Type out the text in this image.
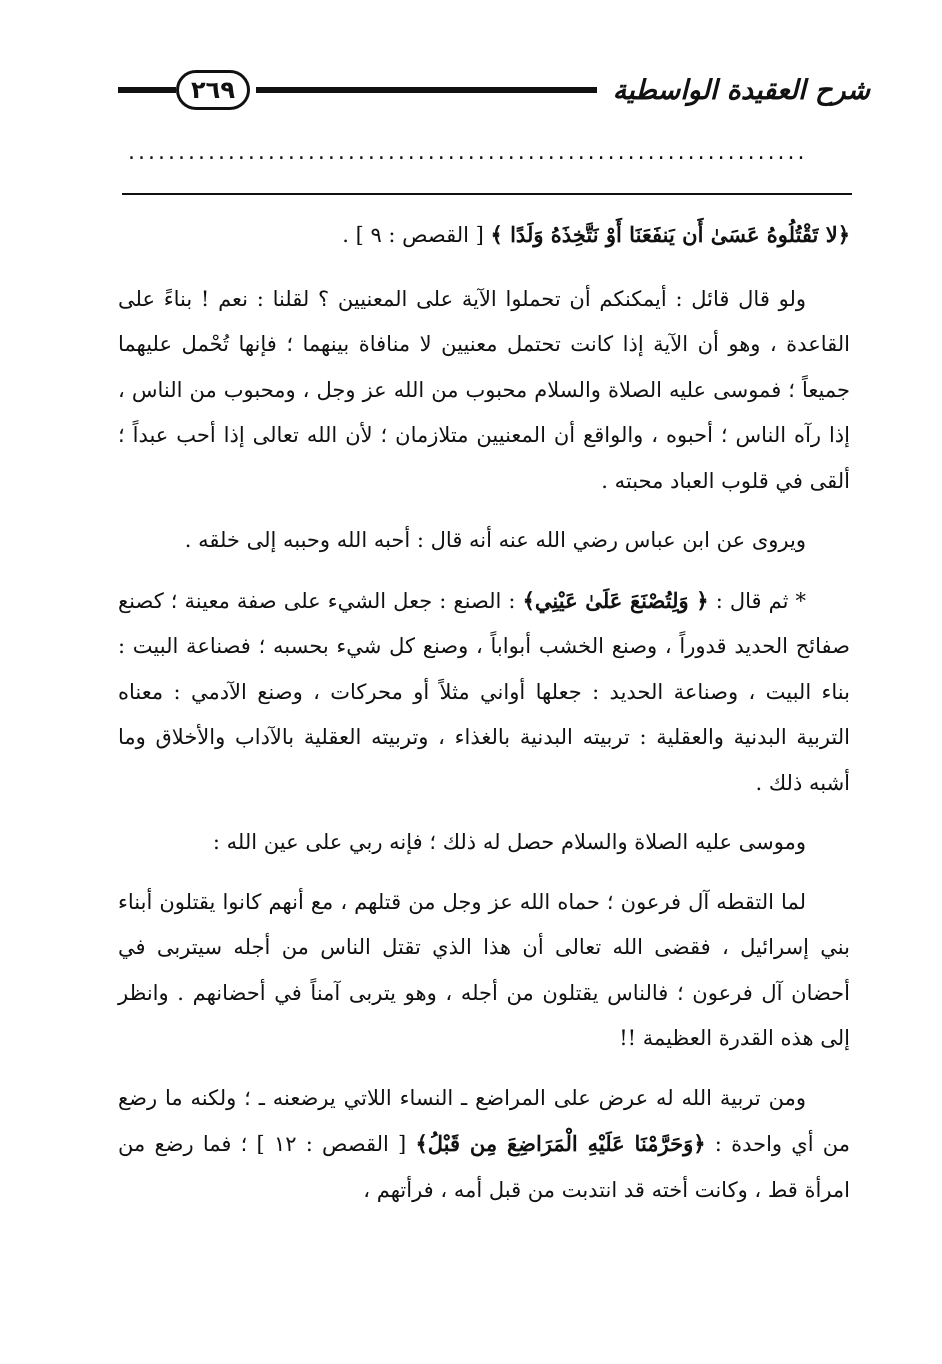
شرح العقيدة الواسطية
٢٦٩
....................................................................

﴿لا تَقْتُلُوهُ عَسَىٰ أَن يَنفَعَنَا أَوْ نَتَّخِذَهُ وَلَدًا ﴾ [ القصص : ٩ ] .

ولو قال قائل : أيمكنكم أن تحملوا الآية على المعنيين ؟ لقلنا : نعم ! بناءً على القاعدة ، وهو أن الآية إذا كانت تحتمل معنيين لا منافاة بينهما ؛ فإنها تُحْمل عليهما جميعاً ؛ فموسى عليه الصلاة والسلام محبوب من الله عز وجل ، ومحبوب من الناس ، إذا رآه الناس ؛ أحبوه ، والواقع أن المعنيين متلازمان ؛ لأن الله تعالى إذا أحب عبداً ؛ ألقى في قلوب العباد محبته .

ويروى عن ابن عباس رضي الله عنه أنه قال : أحبه الله وحببه إلى خلقه .

* ثم قال : ﴿ وَلِتُصْنَعَ عَلَىٰ عَيْنِي﴾ : الصنع : جعل الشيء على صفة معينة ؛ كصنع صفائح الحديد قدوراً ، وصنع الخشب أبواباً ، وصنع كل شيء بحسبه ؛ فصناعة البيت : بناء البيت ، وصناعة الحديد : جعلها أواني مثلاً أو محركات ، وصنع الآدمي : معناه التربية البدنية والعقلية : تربيته البدنية بالغذاء ، وتربيته العقلية بالآداب والأخلاق وما أشبه ذلك .

وموسى عليه الصلاة والسلام حصل له ذلك ؛ فإنه ربي على عين الله :

لما التقطه آل فرعون ؛ حماه الله عز وجل من قتلهم ، مع أنهم كانوا يقتلون أبناء بني إسرائيل ، فقضى الله تعالى أن هذا الذي تقتل الناس من أجله سيتربى في أحضان آل فرعون ؛ فالناس يقتلون من أجله ، وهو يتربى آمناً في أحضانهم . وانظر إلى هذه القدرة العظيمة !!

ومن تربية الله له عرض على المراضع ـ النساء اللاتي يرضعنه ـ ؛ ولكنه ما رضع من أي واحدة : ﴿وَحَرَّمْنَا عَلَيْهِ الْمَرَاضِعَ مِن قَبْلُ﴾ [ القصص : ١٢ ] ؛ فما رضع من امرأة قط ، وكانت أخته قد انتدبت من قبل أمه ، فرأتهم ،
